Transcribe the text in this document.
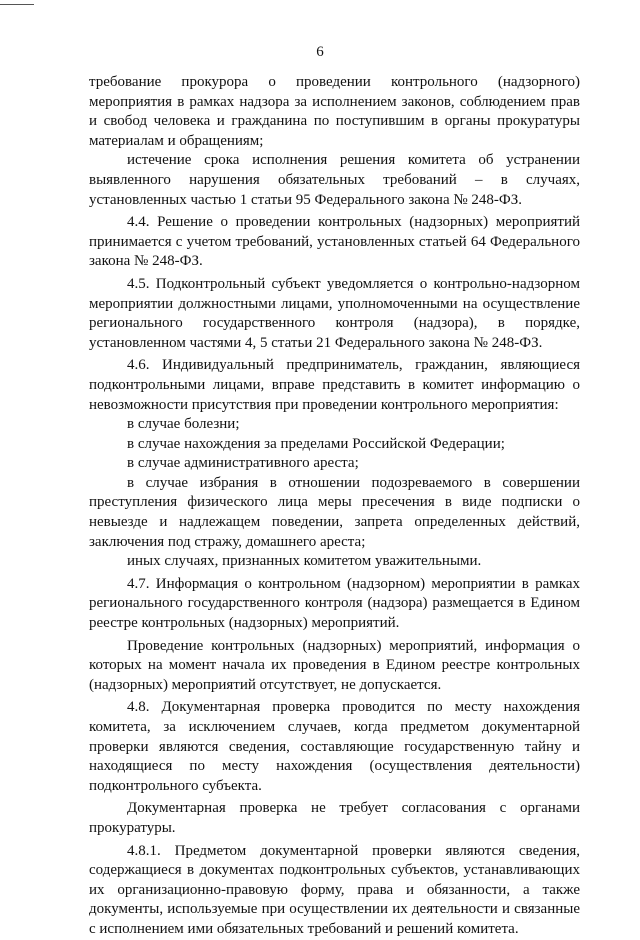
6

требование прокурора о проведении контрольного (надзорного) мероприятия в рамках надзора за исполнением законов, соблюдением прав и свобод человека и гражданина по поступившим в органы прокуратуры материалам и обращениям;

истечение срока исполнения решения комитета об устранении выявленного нарушения обязательных требований – в случаях, установленных частью 1 статьи 95 Федерального закона № 248-ФЗ.

4.4. Решение о проведении контрольных (надзорных) мероприятий принимается с учетом требований, установленных статьей 64 Федерального закона № 248-ФЗ.

4.5. Подконтрольный субъект уведомляется о контрольно-надзорном мероприятии должностными лицами, уполномоченными на осуществление регионального государственного контроля (надзора), в порядке, установленном частями 4, 5 статьи 21 Федерального закона № 248-ФЗ.

4.6. Индивидуальный предприниматель, гражданин, являющиеся подконтрольными лицами, вправе представить в комитет информацию о невозможности присутствия при проведении контрольного мероприятия:

в случае болезни;

в случае нахождения за пределами Российской Федерации;

в случае административного ареста;

в случае избрания в отношении подозреваемого в совершении преступления физического лица меры пресечения в виде подписки о невыезде и надлежащем поведении, запрета определенных действий, заключения под стражу, домашнего ареста;

иных случаях, признанных комитетом уважительными.

4.7. Информация о контрольном (надзорном) мероприятии в рамках регионального государственного контроля (надзора) размещается в Едином реестре контрольных (надзорных) мероприятий.

Проведение контрольных (надзорных) мероприятий, информация о которых на момент начала их проведения в Едином реестре контрольных (надзорных) мероприятий отсутствует, не допускается.

4.8. Документарная проверка проводится по месту нахождения комитета, за исключением случаев, когда предметом документарной проверки являются сведения, составляющие государственную тайну и находящиеся по месту нахождения (осуществления деятельности) подконтрольного субъекта.

Документарная проверка не требует согласования с органами прокуратуры.

4.8.1. Предметом документарной проверки являются сведения, содержащиеся в документах подконтрольных субъектов, устанавливающих их организационно-правовую форму, права и обязанности, а также документы, используемые при осуществлении их деятельности и связанные с исполнением ими обязательных требований и решений комитета.
